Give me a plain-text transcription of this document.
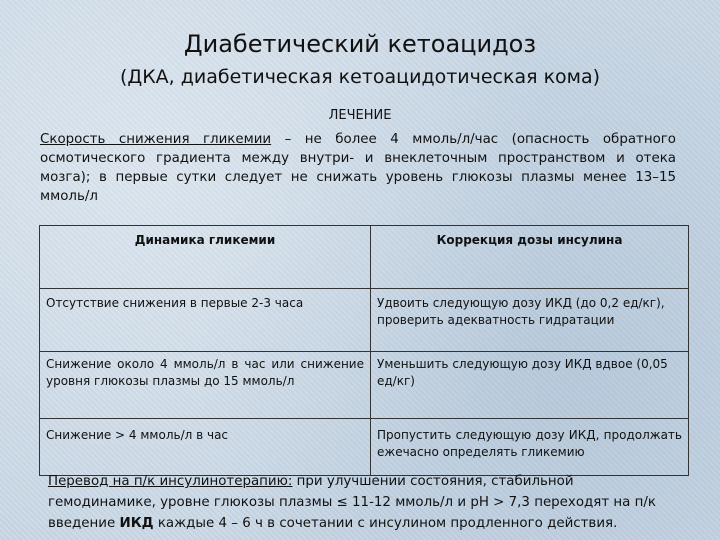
Диабетический кетоацидоз
(ДКА, диабетическая кетоацидотическая кома)
ЛЕЧЕНИЕ
Скорость снижения гликемии – не более 4 ммоль/л/час (опасность обратного осмотического градиента между внутри- и внеклеточным пространством и отека мозга); в первые сутки следует не снижать уровень глюкозы плазмы менее 13–15 ммоль/л
Динамика гликемии	Коррекция дозы инсулина
Отсутствие снижения в первые 2-3 часа	Удвоить следующую дозу ИКД (до 0,2 ед/кг), проверить адекватность гидратации
Снижение около 4 ммоль/л в час или снижение уровня глюкозы плазмы до 15 ммоль/л	Уменьшить следующую дозу ИКД вдвое (0,05 ед/кг)
Снижение > 4 ммоль/л в час	Пропустить следующую дозу ИКД, продолжать ежечасно определять гликемию
Перевод на п/к инсулинотерапию: при улучшении состояния, стабильной гемодинамике, уровне глюкозы плазмы ≤ 11-12 ммоль/л и pH > 7,3 переходят на п/к введение ИКД каждые 4 – 6 ч в сочетании с инсулином продленного действия.
